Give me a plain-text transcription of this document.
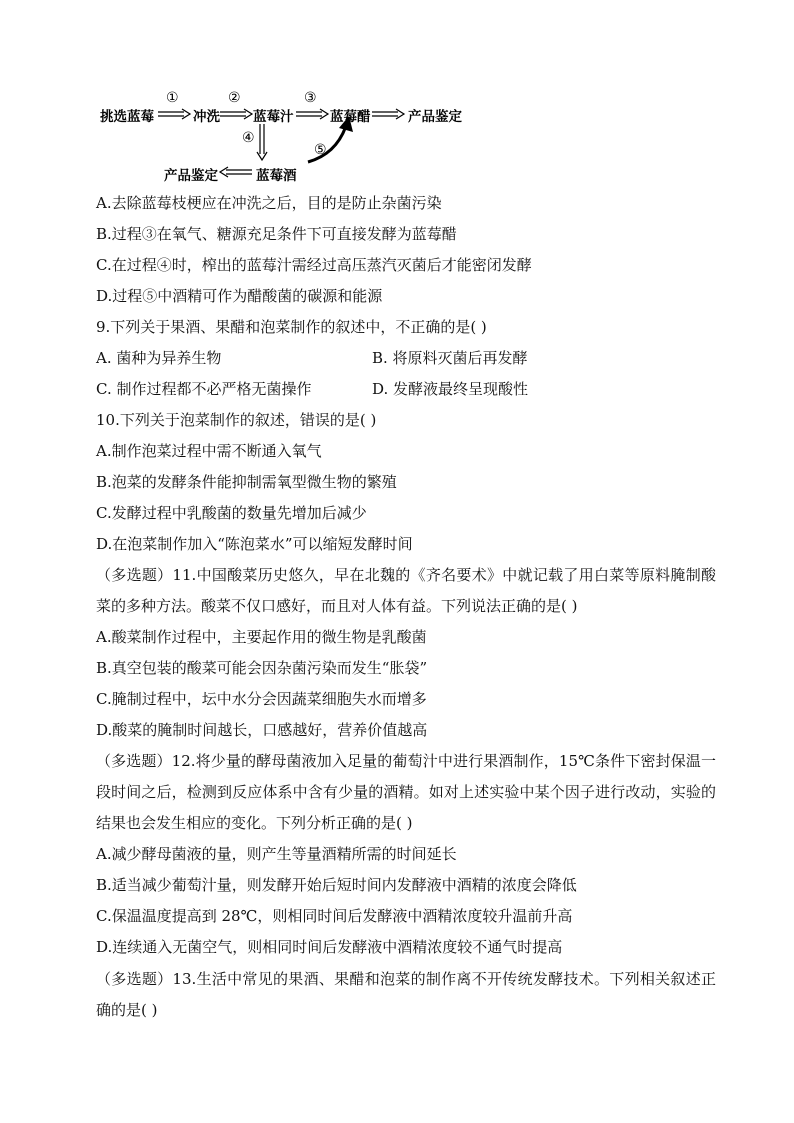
挑选蓝莓
①
冲洗
②
蓝莓汁
③
蓝莓醋	产品鉴定
④
⑤
产品鉴定	蓝莓酒
A.去除蓝莓枝梗应在冲洗之后，目的是防止杂菌污染
B.过程③在氧气、糖源充足条件下可直接发酵为蓝莓醋
C.在过程④时，榨出的蓝莓汁需经过高压蒸汽灭菌后才能密闭发酵
D.过程⑤中酒精可作为醋酸菌的碳源和能源
9.下列关于果酒、果醋和泡菜制作的叙述中，不正确的是( )
A. 菌种为异养生物	B. 将原料灭菌后再发酵
C. 制作过程都不必严格无菌操作	D. 发酵液最终呈现酸性
10.下列关于泡菜制作的叙述，错误的是( )
A.制作泡菜过程中需不断通入氧气
B.泡菜的发酵条件能抑制需氧型微生物的繁殖
C.发酵过程中乳酸菌的数量先增加后减少
D.在泡菜制作加入“陈泡菜水”可以缩短发酵时间

（多选题）11.中国酸菜历史悠久，早在北魏的《齐名要术》中就记载了用白菜等原料腌制酸菜的多种方法。酸菜不仅口感好，而且对人体有益。下列说法正确的是( )

A.酸菜制作过程中，主要起作用的微生物是乳酸菌

B.真空包装的酸菜可能会因杂菌污染而发生“胀袋”

C.腌制过程中，坛中水分会因蔬菜细胞失水而增多

D.酸菜的腌制时间越长，口感越好，营养价值越高

（多选题）12.将少量的酵母菌液加入足量的葡萄汁中进行果酒制作，15℃条件下密封保温一段时间之后，检测到反应体系中含有少量的酒精。如对上述实验中某个因子进行改动，实验的结果也会发生相应的变化。下列分析正确的是( )

A.减少酵母菌液的量，则产生等量酒精所需的时间延长

B.适当减少葡萄汁量，则发酵开始后短时间内发酵液中酒精的浓度会降低

C.保温温度提高到 28℃，则相同时间后发酵液中酒精浓度较升温前升高

D.连续通入无菌空气，则相同时间后发酵液中酒精浓度较不通气时提高

（多选题）13.生活中常见的果酒、果醋和泡菜的制作离不开传统发酵技术。下列相关叙述正确的是( )
